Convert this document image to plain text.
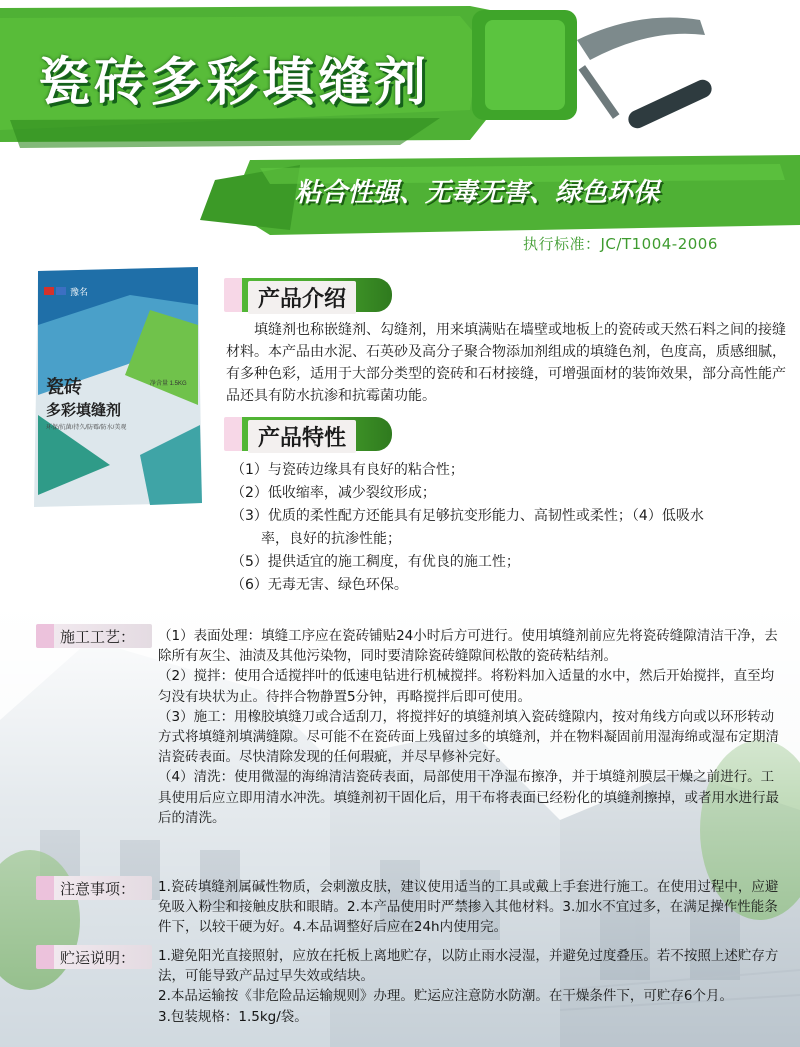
瓷砖多彩填缝剂

粘合性强、无毒无害、绿色环保

执行标准：JC/T1004-2006

豫名
瓷砖	净含量 1.5KG
多彩填缝剂
环保/抗菌/持久/防霉/防水/美观
产品介绍

填缝剂也称嵌缝剂、勾缝剂，用来填满贴在墙壁或地板上的瓷砖或天然石料之间的接缝材料。本产品由水泥、石英砂及高分子聚合物添加剂组成的填缝色剂，色度高，质感细腻，有多种色彩，适用于大部分类型的瓷砖和石材接缝，可增强面材的装饰效果，部分高性能产品还具有防水抗渗和抗霉菌功能。

产品特性
（1）与瓷砖边缘具有良好的粘合性；
（2）低收缩率，减少裂纹形成；
（3）优质的柔性配方还能具有足够抗变形能力、高韧性或柔性；（4）低吸水
率，良好的抗渗性能；
（5）提供适宜的施工稠度，有优良的施工性；
（6）无毒无害、绿色环保。
施工工艺： （1）表面处理：填缝工序应在瓷砖铺贴24小时后方可进行。使用填缝剂前应先将瓷砖缝隙清洁干净，去除所有灰尘、油渍及其他污染物，同时要清除瓷砖缝隙间松散的瓷砖粘结剂。

（2）搅拌：使用合适搅拌叶的低速电钻进行机械搅拌。将粉料加入适量的水中，然后开始搅拌，直至均匀没有块状为止。待拌合物静置5分钟，再略搅拌后即可使用。

（3）施工：用橡胶填缝刀或合适刮刀，将搅拌好的填缝剂填入瓷砖缝隙内，按对角线方向或以环形转动方式将填缝剂填满缝隙。尽可能不在瓷砖面上残留过多的填缝剂，并在物料凝固前用湿海绵或湿布定期清洁瓷砖表面。尽快清除发现的任何瑕疵，并尽早修补完好。

（4）清洗：使用微湿的海绵清洁瓷砖表面，局部使用干净湿布擦净，并于填缝剂膜层干燥之前进行。工具使用后应立即用清水冲洗。填缝剂初干固化后，用干布将表面已经粉化的填缝剂擦掉，或者用水进行最后的清洗。

注意事项： 1.瓷砖填缝剂属碱性物质，会刺激皮肤，建议使用适当的工具或戴上手套进行施工。在使用过程中，应避免吸入粉尘和接触皮肤和眼睛。2.本产品使用时严禁掺入其他材料。3.加水不宜过多，在满足操作性能条件下，以较干硬为好。4.本品调整好后应在24h内使用完。

贮运说明： 1.避免阳光直接照射，应放在托板上离地贮存，以防止雨水浸湿，并避免过度叠压。若不按照上述贮存方法，可能导致产品过早失效或结块。

2.本品运输按《非危险品运输规则》办理。贮运应注意防水防潮。在干燥条件下，可贮存6个月。

3.包装规格：1.5kg/袋。
